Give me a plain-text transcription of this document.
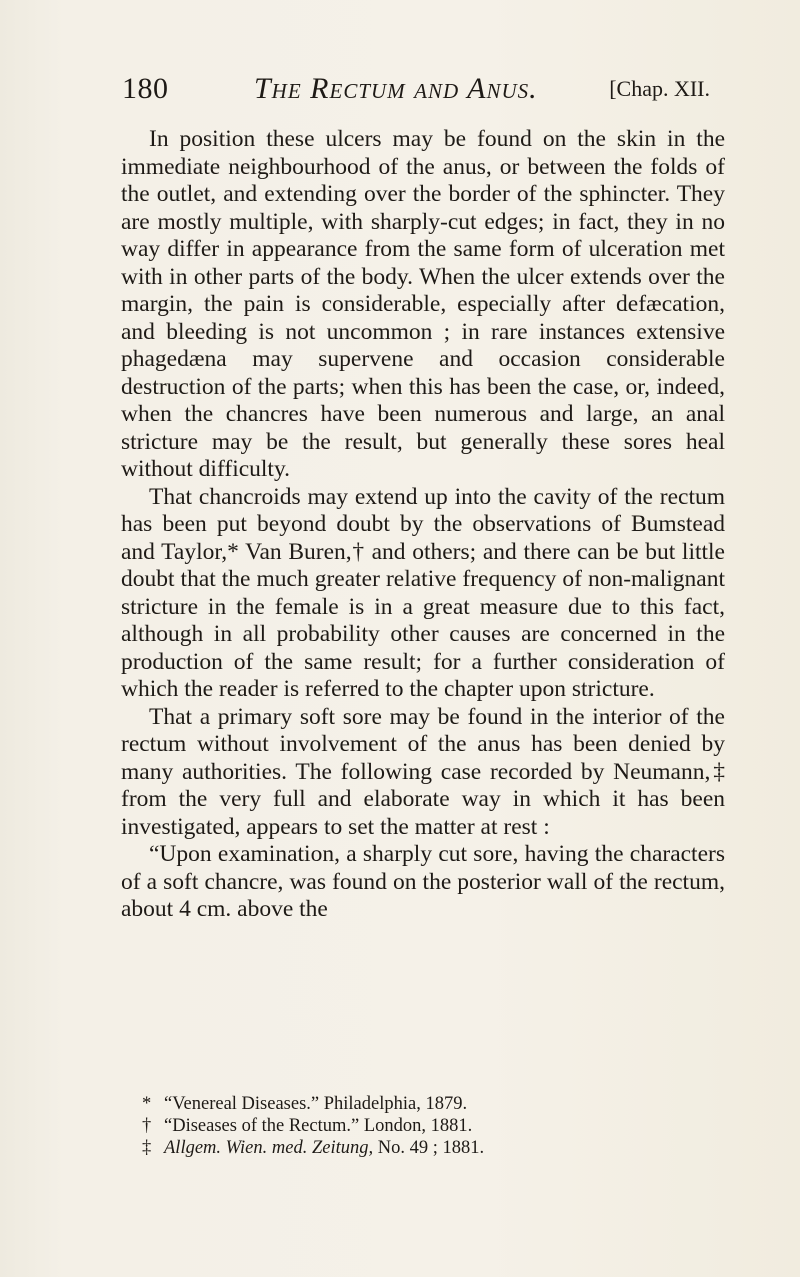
180	The Rectum and Anus.	[Chap. XII.

In position these ulcers may be found on the skin in the immediate neighbourhood of the anus, or between the folds of the outlet, and extending over the border of the sphincter. They are mostly multiple, with sharply-cut edges; in fact, they in no way differ in appearance from the same form of ulceration met with in other parts of the body. When the ulcer extends over the margin, the pain is considerable, especially after defæcation, and bleeding is not uncommon ; in rare instances extensive phagedæna may supervene and occasion considerable destruction of the parts; when this has been the case, or, indeed, when the chancres have been numerous and large, an anal stricture may be the result, but generally these sores heal without difficulty.

That chancroids may extend up into the cavity of the rectum has been put beyond doubt by the observations of Bumstead and Taylor,* Van Buren,† and others; and there can be but little doubt that the much greater relative frequency of non-malignant stricture in the female is in a great measure due to this fact, although in all probability other causes are concerned in the production of the same result; for a further consideration of which the reader is referred to the chapter upon stricture.

That a primary soft sore may be found in the interior of the rectum without involvement of the anus has been denied by many authorities. The following case recorded by Neumann,‡ from the very full and elaborate way in which it has been investigated, appears to set the matter at rest :

“Upon examination, a sharply cut sore, having the characters of a soft chancre, was found on the posterior wall of the rectum, about 4 cm. above the

* “Venereal Diseases.” Philadelphia, 1879.
† “Diseases of the Rectum.” London, 1881.
‡ Allgem. Wien. med. Zeitung, No. 49 ; 1881.
